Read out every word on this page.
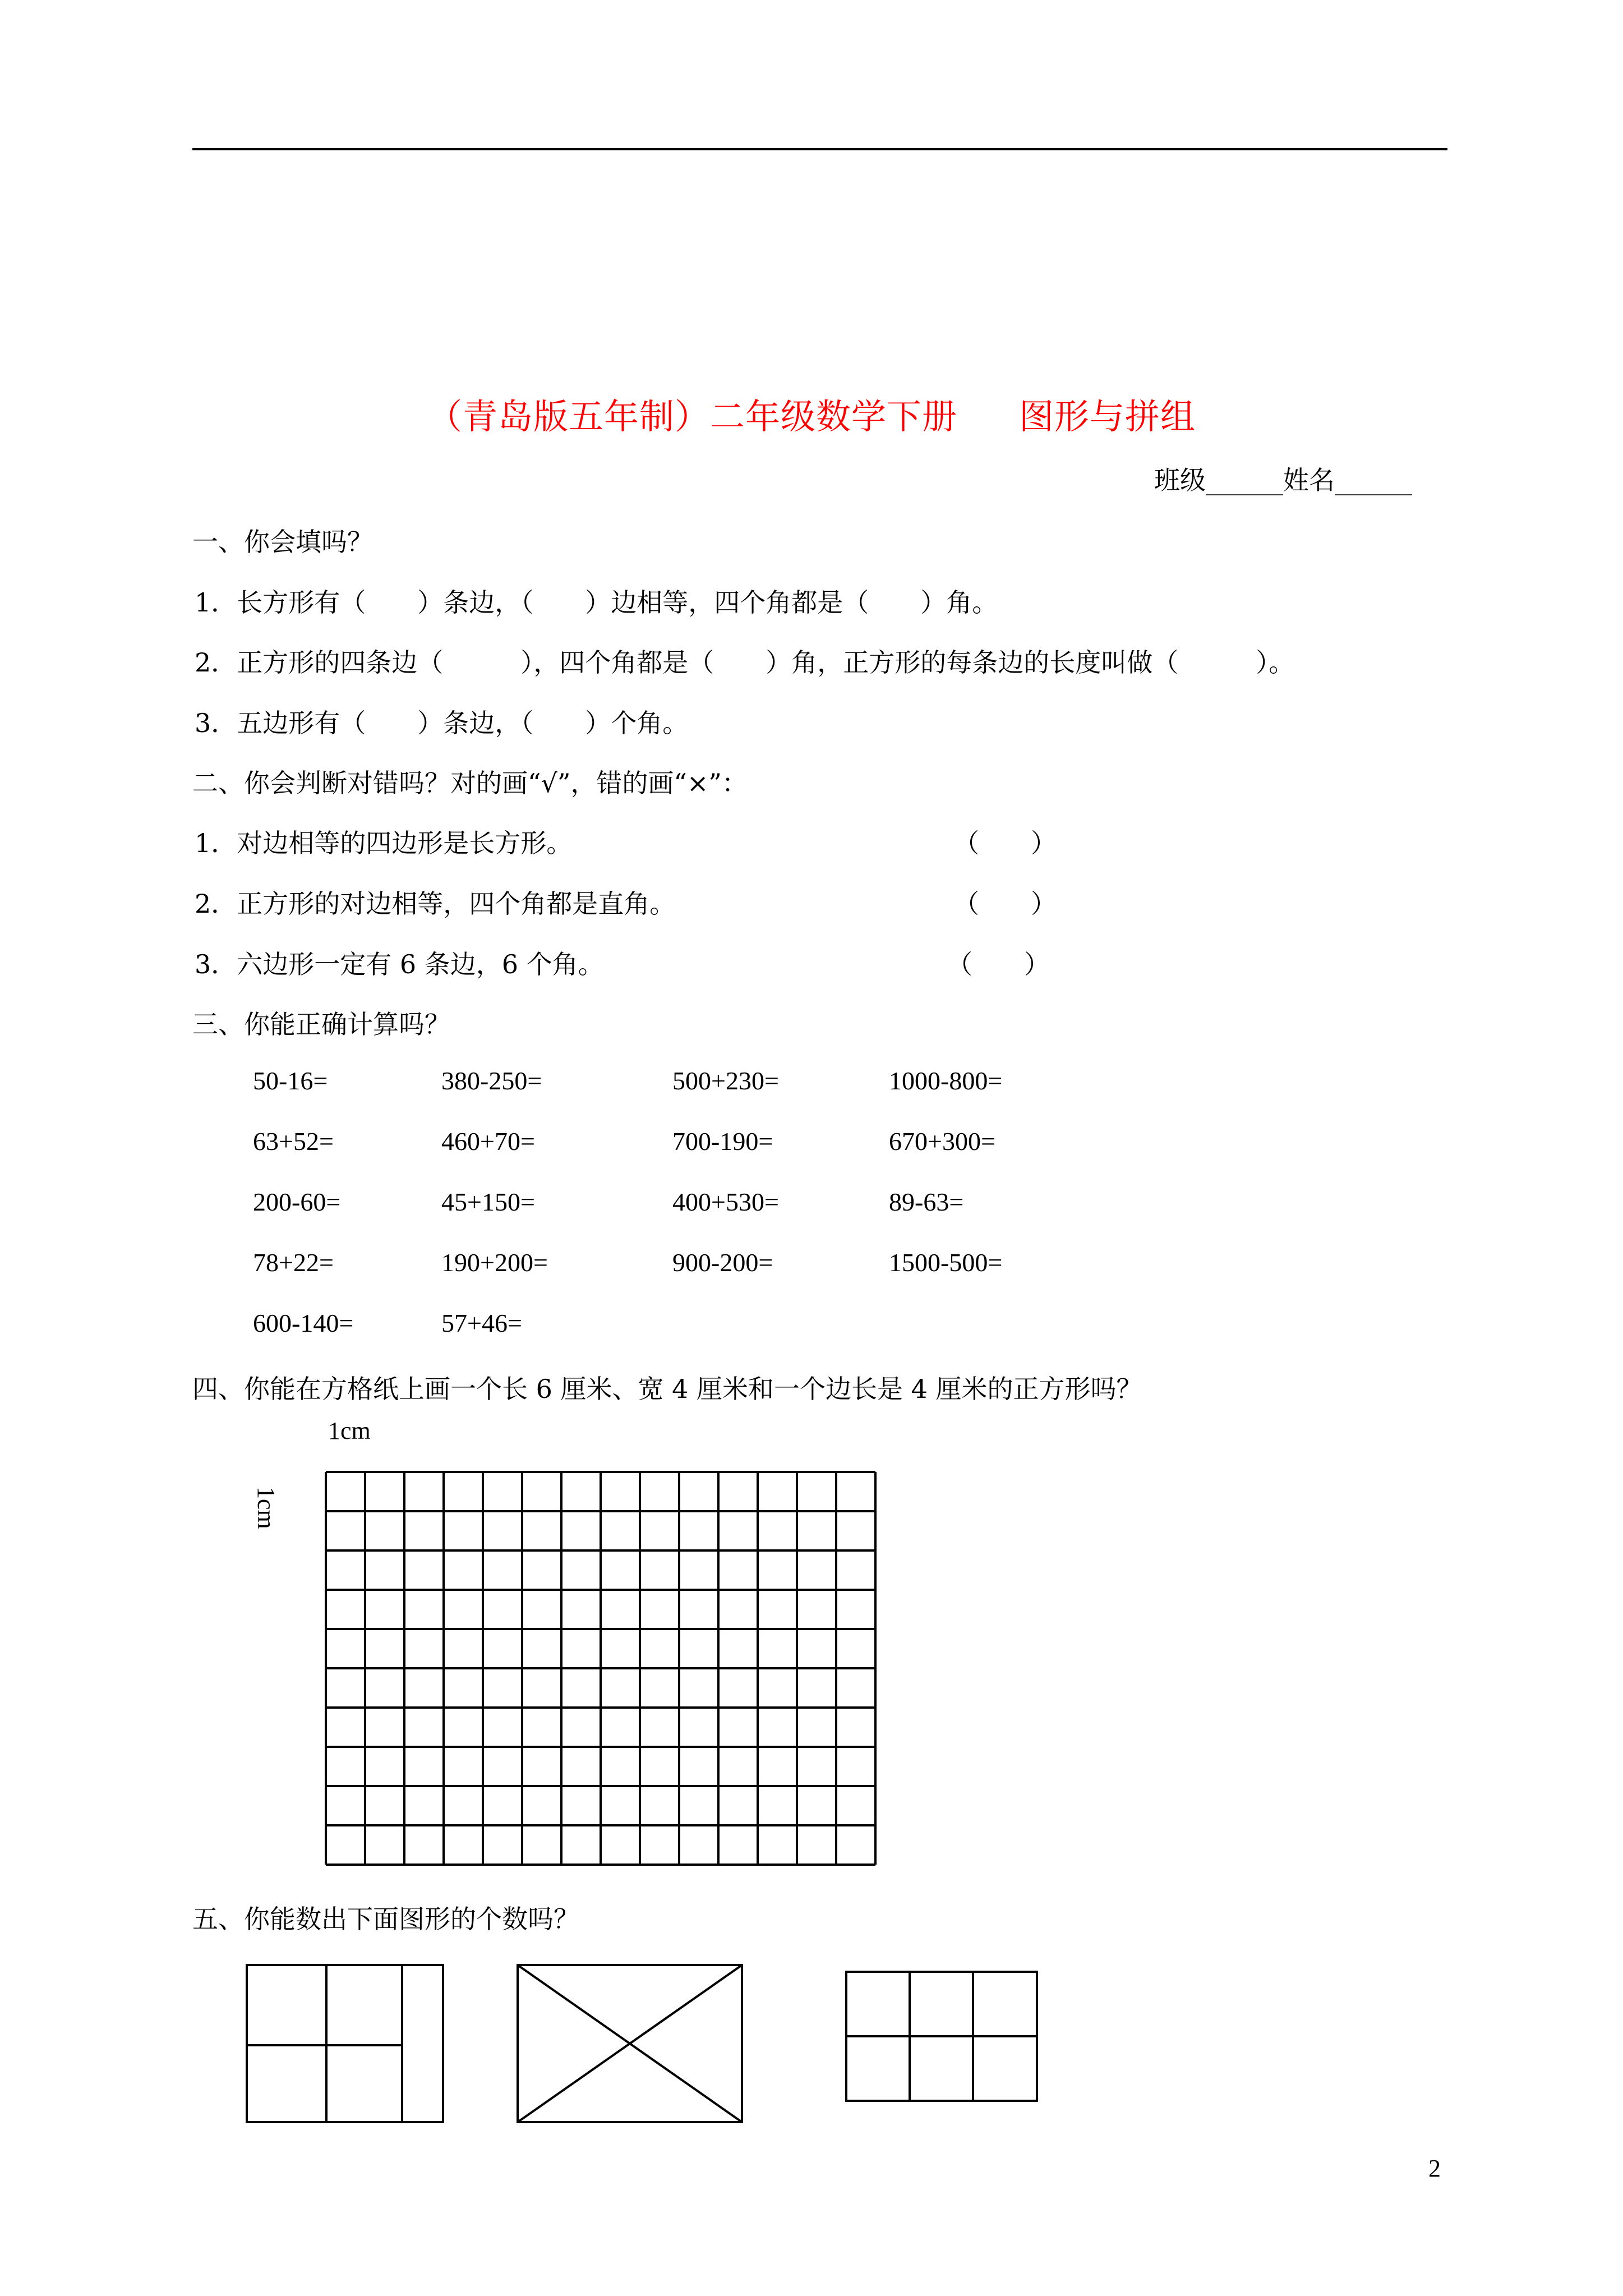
（青岛版五年制）二年级数学下册 图形与拼组
班级______姓名______
一、你会填吗？
1．长方形有（　　）条边，（　　）边相等，四个角都是（　　）角。
2．正方形的四条边（　　　），四个角都是（　　）角，正方形的每条边的长度叫做（　　　）。
3．五边形有（　　）条边，（　　）个角。
二、你会判断对错吗？对的画“√”，错的画“×”：
1．对边相等的四边形是长方形。	（　　）
2．正方形的对边相等，四个角都是直角。	（　　）
3．六边形一定有 6 条边，6 个角。	（　　）
三、你能正确计算吗？
50-16=	380-250=	500+230=	1000-800=
63+52=	460+70=	700-190=	670+300=
200-60=	45+150=	400+530=	89-63=
78+22=	190+200=	900-200=	1500-500=
600-140=	57+46=
四、你能在方格纸上画一个长 6 厘米、宽 4 厘米和一个边长是 4 厘米的正方形吗？
1cm
1cm
五、你能数出下面图形的个数吗？
2
